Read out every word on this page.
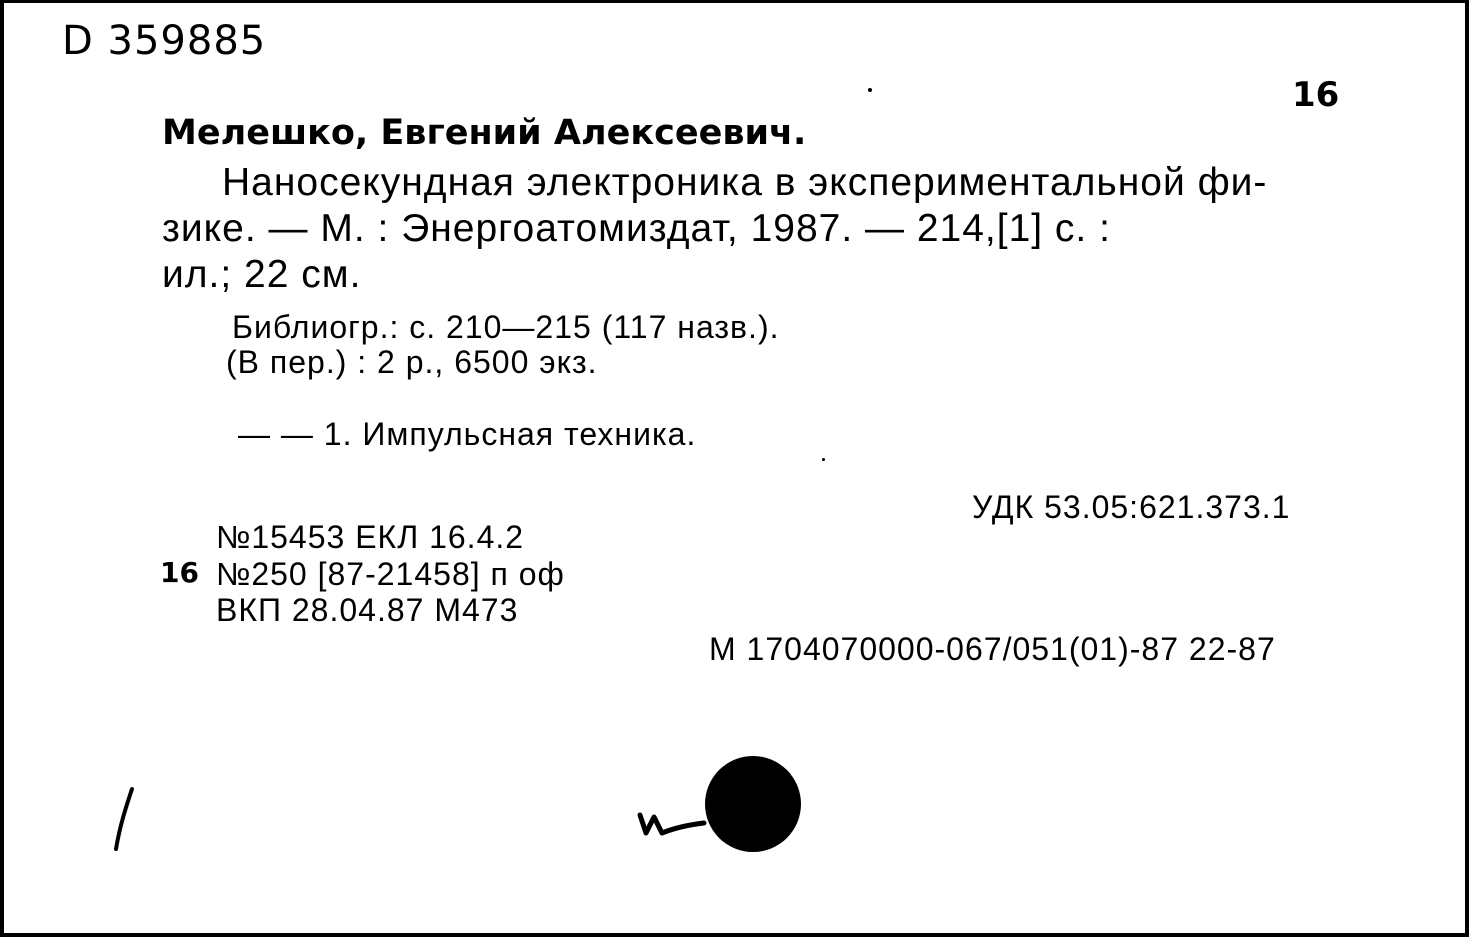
D 359885
16
Мелешко, Евгений Алексеевич.
Наносекундная электроника в экспериментальной фи-
зике. — М. : Энергоатомиздат, 1987. — 214,[1] с. :
ил.; 22 см.
Библиогр.: с. 210—215 (117 назв.).
(В пер.) : 2 р., 6500 экз.
— — 1. Импульсная техника.
УДК 53.05:621.373.1
№15453 ЕКЛ 16.4.2
16 №250 [87-21458] п оф
ВКП 28.04.87 М473
М 1704070000-067/051(01)-87 22-87
